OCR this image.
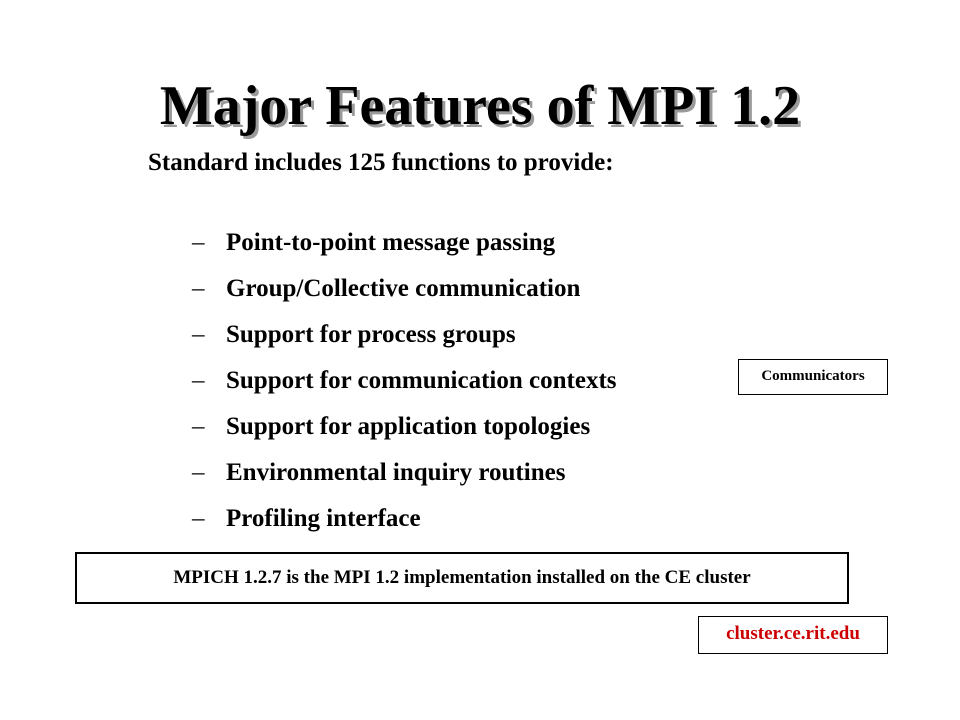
Major Features of MPI 1.2
Standard includes 125 functions to provide:
– Point-to-point message passing
– Group/Collective communication
– Support for process groups
– Support for communication contexts
– Support for application topologies
– Environmental inquiry routines
– Profiling interface
Communicators
MPICH 1.2.7 is the MPI 1.2 implementation installed on the CE cluster
cluster.ce.rit.edu
